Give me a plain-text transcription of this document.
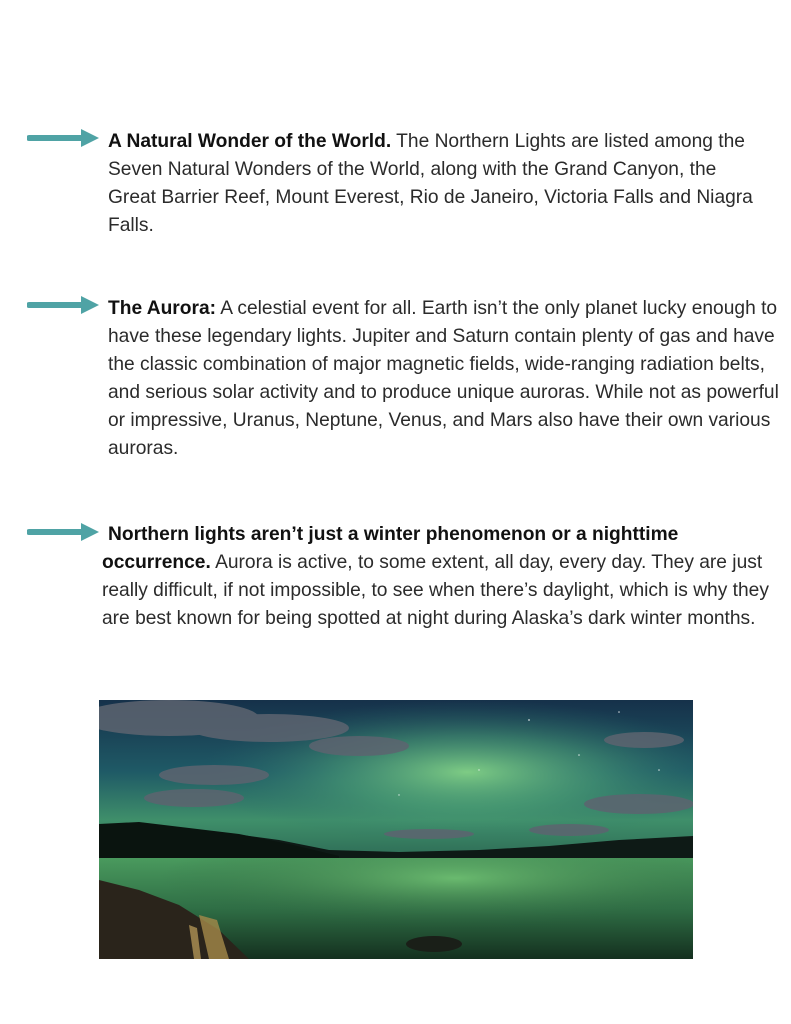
A Natural Wonder of the World. The Northern Lights are listed among the Seven Natural Wonders of the World, along with the Grand Canyon, the Great Barrier Reef, Mount Everest, Rio de Janeiro, Victoria Falls and Niagra Falls.
The Aurora: A celestial event for all. Earth isn’t the only planet lucky enough to have these legendary lights. Jupiter and Saturn contain plenty of gas and have the classic combination of major magnetic fields, wide-ranging radiation belts, and serious solar activity and to produce unique auroras. While not as powerful or impressive, Uranus, Neptune, Venus, and Mars also have their own various auroras.
Northern lights aren’t just a winter phenomenon or a nighttime occurrence. Aurora is active, to some extent, all day, every day. They are just really difficult, if not impossible, to see when there’s daylight, which is why they are best known for being spotted at night during Alaska’s dark winter months.
